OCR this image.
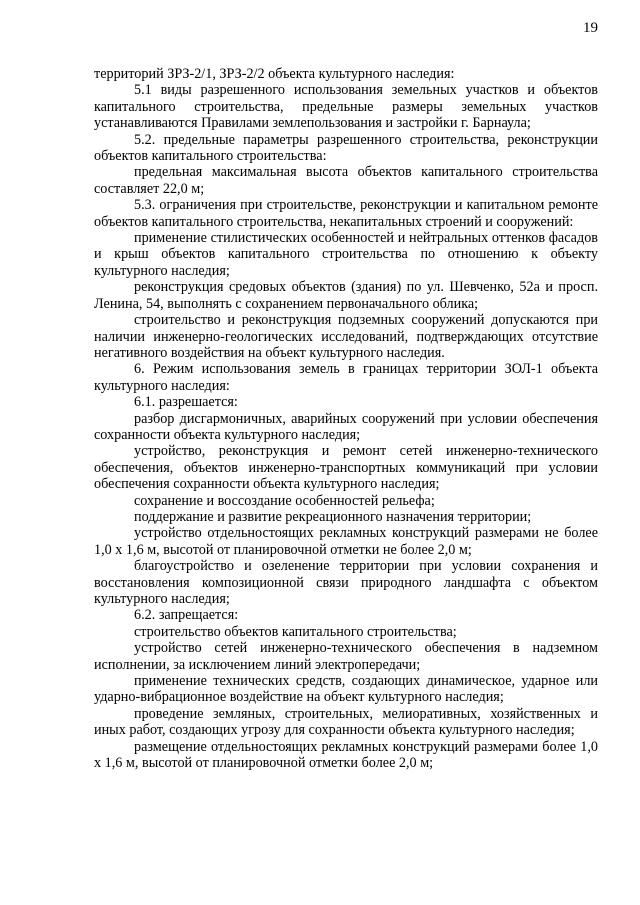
19

территорий ЗРЗ-2/1, ЗРЗ-2/2 объекта культурного наследия:

5.1 виды разрешенного использования земельных участков и объектов капитального строительства, предельные размеры земельных участков устанавливаются Правилами землепользования и застройки г. Барнаула;

5.2. предельные параметры разрешенного строительства, реконструкции объектов капитального строительства:

предельная максимальная высота объектов капитального строительства составляет 22,0 м;

5.3. ограничения при строительстве, реконструкции и капитальном ремонте объектов капитального строительства, некапитальных строений и сооружений:

применение стилистических особенностей и нейтральных оттенков фасадов и крыш объектов капитального строительства по отношению к объекту культурного наследия;

реконструкция средовых объектов (здания) по ул. Шевченко, 52а и просп. Ленина, 54, выполнять с сохранением первоначального облика;

строительство и реконструкция подземных сооружений допускаются при наличии инженерно-геологических исследований, подтверждающих отсутствие негативного воздействия на объект культурного наследия.

6. Режим использования земель в границах территории ЗОЛ-1 объекта культурного наследия:

6.1. разрешается:

разбор дисгармоничных, аварийных сооружений при условии обеспечения сохранности объекта культурного наследия;

устройство, реконструкция и ремонт сетей инженерно-технического обеспечения, объектов инженерно-транспортных коммуникаций при условии обеспечения сохранности объекта культурного наследия;

сохранение и воссоздание особенностей рельефа;

поддержание и развитие рекреационного назначения территории;

устройство отдельностоящих рекламных конструкций размерами не более 1,0 х 1,6 м, высотой от планировочной отметки не более 2,0 м;

благоустройство и озеленение территории при условии сохранения и восстановления композиционной связи природного ландшафта с объектом культурного наследия;

6.2. запрещается:

строительство объектов капитального строительства;

устройство сетей инженерно-технического обеспечения в надземном исполнении, за исключением линий электропередачи;

применение технических средств, создающих динамическое, ударное или ударно-вибрационное воздействие на объект культурного наследия;

проведение земляных, строительных, мелиоративных, хозяйственных и иных работ, создающих угрозу для сохранности объекта культурного наследия;

размещение отдельностоящих рекламных конструкций размерами более 1,0 х 1,6 м, высотой от планировочной отметки более 2,0 м;
